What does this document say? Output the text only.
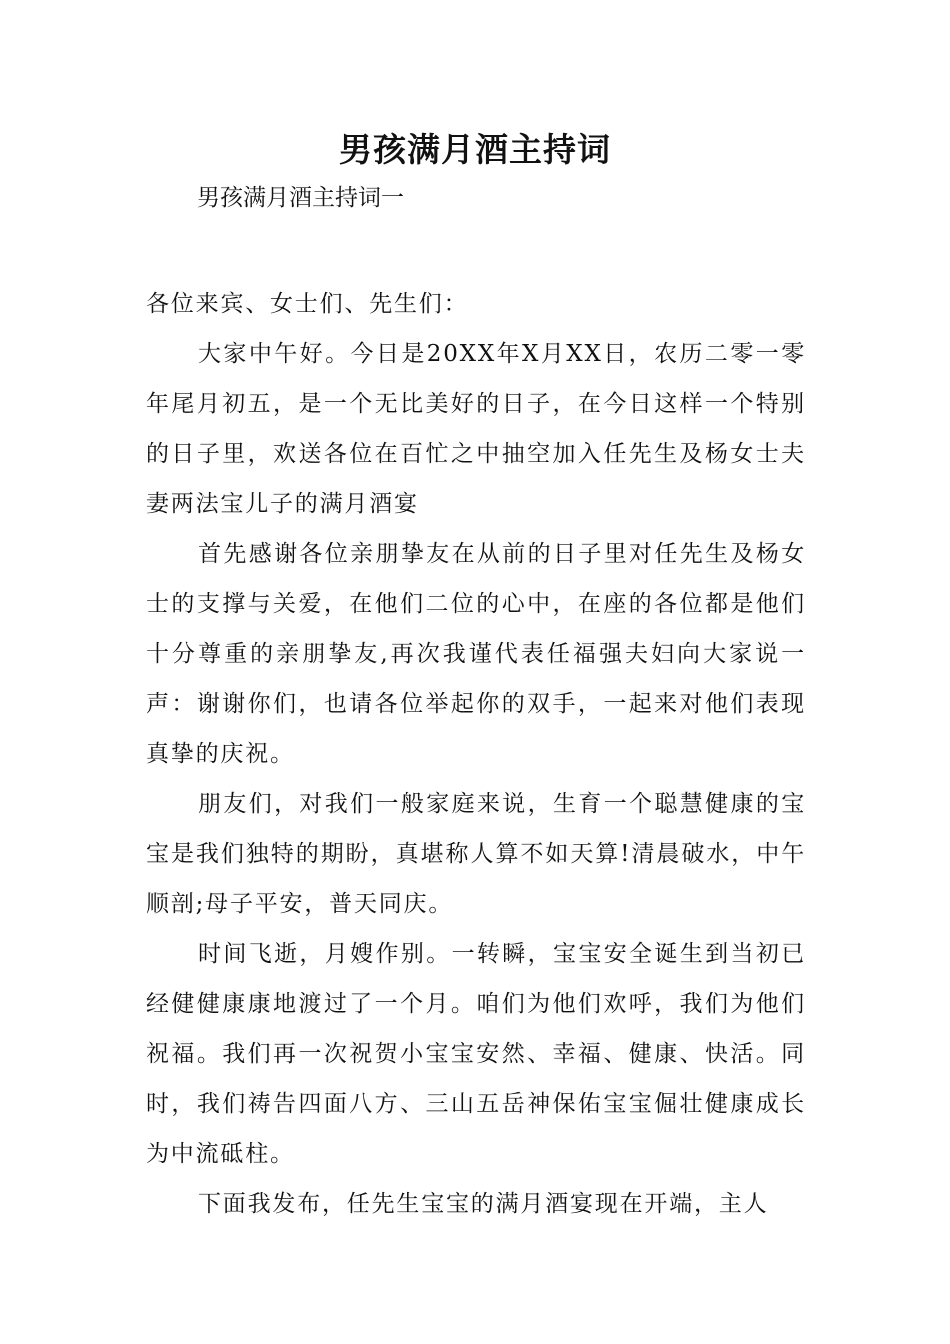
男孩满月酒主持词

男孩满月酒主持词一

各位来宾、女士们、先生们：

大家中午好。今日是20XX年X月XX日，农历二零一零年尾月初五，是一个无比美好的日子，在今日这样一个特别的日子里，欢送各位在百忙之中抽空加入任先生及杨女士夫妻两法宝儿子的满月酒宴

首先感谢各位亲朋挚友在从前的日子里对任先生及杨女士的支撑与关爱，在他们二位的心中，在座的各位都是他们十分尊重的亲朋挚友,再次我谨代表任福强夫妇向大家说一声：谢谢你们，也请各位举起你的双手，一起来对他们表现真挚的庆祝。

朋友们，对我们一般家庭来说，生育一个聪慧健康的宝宝是我们独特的期盼，真堪称人算不如天算!清晨破水，中午顺剖;母子平安，普天同庆。

时间飞逝，月嫂作别。一转瞬，宝宝安全诞生到当初已经健健康康地渡过了一个月。咱们为他们欢呼，我们为他们祝福。我们再一次祝贺小宝宝安然、幸福、健康、快活。同时，我们祷告四面八方、三山五岳神保佑宝宝倔壮健康成长为中流砥柱。

下面我发布，任先生宝宝的满月酒宴现在开端，主人
